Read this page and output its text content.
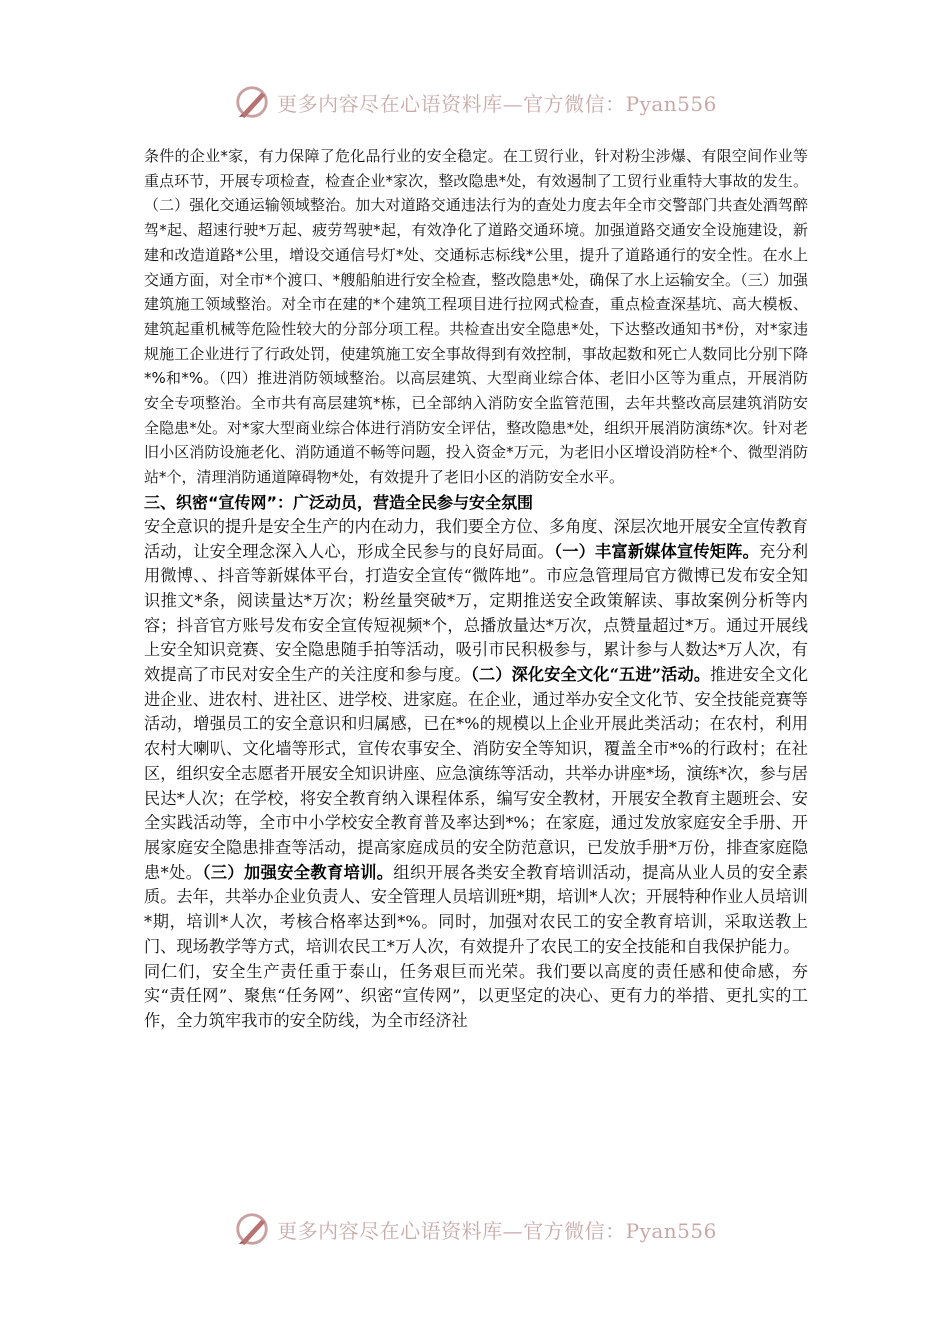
更多内容尽在心语资料库—官方微信：Pyan556

条件的企业*家，有力保障了危化品行业的安全稳定。在工贸行业，针对粉尘涉爆、有限空间作业等重点环节，开展专项检查，检查企业*家次，整改隐患*处，有效遏制了工贸行业重特大事故的发生。（二）强化交通运输领域整治。加大对道路交通违法行为的查处力度去年全市交警部门共查处酒驾醉驾*起、超速行驶*万起、疲劳驾驶*起，有效净化了道路交通环境。加强道路交通安全设施建设，新建和改造道路*公里，增设交通信号灯*处、交通标志标线*公里，提升了道路通行的安全性。在水上交通方面，对全市*个渡口、*艘船舶进行安全检查，整改隐患*处，确保了水上运输安全。（三）加强建筑施工领域整治。对全市在建的*个建筑工程项目进行拉网式检查，重点检查深基坑、高大模板、建筑起重机械等危险性较大的分部分项工程。共检查出安全隐患*处，下达整改通知书*份，对*家违规施工企业进行了行政处罚，使建筑施工安全事故得到有效控制，事故起数和死亡人数同比分别下降*%和*%。（四）推进消防领域整治。以高层建筑、大型商业综合体、老旧小区等为重点，开展消防安全专项整治。全市共有高层建筑*栋，已全部纳入消防安全监管范围，去年共整改高层建筑消防安全隐患*处。对*家大型商业综合体进行消防安全评估，整改隐患*处，组织开展消防演练*次。针对老旧小区消防设施老化、消防通道不畅等问题，投入资金*万元，为老旧小区增设消防栓*个、微型消防站*个，清理消防通道障碍物*处，有效提升了老旧小区的消防安全水平。

三、织密“宣传网”：广泛动员，营造全民参与安全氛围

安全意识的提升是安全生产的内在动力，我们要全方位、多角度、深层次地开展安全宣传教育活动，让安全理念深入人心，形成全民参与的良好局面。（一）丰富新媒体宣传矩阵。充分利用微博、、抖音等新媒体平台，打造安全宣传“微阵地”。市应急管理局官方微博已发布安全知识推文*条，阅读量达*万次；粉丝量突破*万，定期推送安全政策解读、事故案例分析等内容；抖音官方账号发布安全宣传短视频*个，总播放量达*万次，点赞量超过*万。通过开展线上安全知识竞赛、安全隐患随手拍等活动，吸引市民积极参与，累计参与人数达*万人次，有效提高了市民对安全生产的关注度和参与度。（二）深化安全文化“五进”活动。推进安全文化进企业、进农村、进社区、进学校、进家庭。在企业，通过举办安全文化节、安全技能竞赛等活动，增强员工的安全意识和归属感，已在*%的规模以上企业开展此类活动；在农村，利用农村大喇叭、文化墙等形式，宣传农事安全、消防安全等知识，覆盖全市*%的行政村；在社区，组织安全志愿者开展安全知识讲座、应急演练等活动，共举办讲座*场，演练*次，参与居民达*人次；在学校，将安全教育纳入课程体系，编写安全教材，开展安全教育主题班会、安全实践活动等，全市中小学校安全教育普及率达到*%；在家庭，通过发放家庭安全手册、开展家庭安全隐患排查等活动，提高家庭成员的安全防范意识，已发放手册*万份，排查家庭隐患*处。（三）加强安全教育培训。组织开展各类安全教育培训活动，提高从业人员的安全素质。去年，共举办企业负责人、安全管理人员培训班*期，培训*人次；开展特种作业人员培训*期，培训*人次，考核合格率达到*%。同时，加强对农民工的安全教育培训，采取送教上门、现场教学等方式，培训农民工*万人次，有效提升了农民工的安全技能和自我保护能力。

同仁们，安全生产责任重于泰山，任务艰巨而光荣。我们要以高度的责任感和使命感，夯实“责任网”、聚焦“任务网”、织密“宣传网”，以更坚定的决心、更有力的举措、更扎实的工作，全力筑牢我市的安全防线，为全市经济社

更多内容尽在心语资料库—官方微信：Pyan556
